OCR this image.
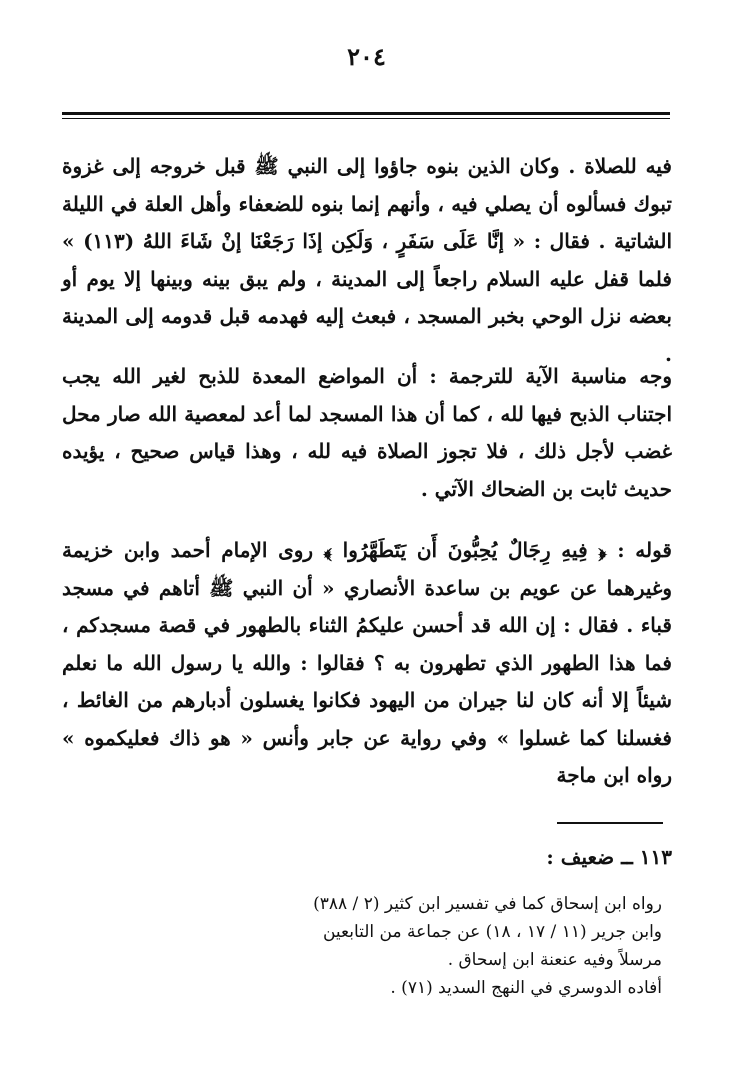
٢٠٤

فيه للصلاة . وكان الذين بنوه جاؤوا إلى النبي ﷺ قبل خروجه إلى غزوة تبوك فسألوه أن يصلي فيه ، وأنهم إنما بنوه للضعفاء وأهل العلة في الليلة الشاتية . فقال : « إنَّا عَلَى سَفَرٍ ، وَلَكِن إذَا رَجَعْنَا إنْ شَاءَ اللهُ (١١٣) » فلما قفل عليه السلام راجعاً إلى المدينة ، ولم يبق بينه وبينها إلا يوم أو بعضه نزل الوحي بخبر المسجد ، فبعث إليه فهدمه قبل قدومه إلى المدينة .

وجه مناسبة الآية للترجمة : أن المواضع المعدة للذبح لغير الله يجب اجتناب الذبح فيها لله ، كما أن هذا المسجد لما أعد لمعصية الله صار محل غضب لأجل ذلك ، فلا تجوز الصلاة فيه لله ، وهذا قياس صحيح ، يؤيده حديث ثابت بن الضحاك الآتي .

قوله : ﴿ فِيهِ رِجَالٌ يُحِبُّونَ أَن يَتَطَهَّرُوا ﴾ روى الإمام أحمد وابن خزيمة وغيرهما عن عويم بن ساعدة الأنصاري « أن النبي ﷺ أتاهم في مسجد قباء . فقال : إن الله قد أحسن عليكمُ الثناء بالطهور في قصة مسجدكم ، فما هذا الطهور الذي تطهرون به ؟ فقالوا : والله يا رسول الله ما نعلم شيئاً إلا أنه كان لنا جيران من اليهود فكانوا يغسلون أدبارهم من الغائط ، فغسلنا كما غسلوا » وفي رواية عن جابر وأنس « هو ذاك فعليكموه » رواه ابن ماجة

١١٣ ــ ضعيف :
رواه ابن إسحاق كما في تفسير ابن كثير (٢ / ٣٨٨)
وابن جرير (١١ / ١٧ ، ١٨) عن جماعة من التابعين
مرسلاً وفيه عنعنة ابن إسحاق .
أفاده الدوسري في النهج السديد (٧١) .
